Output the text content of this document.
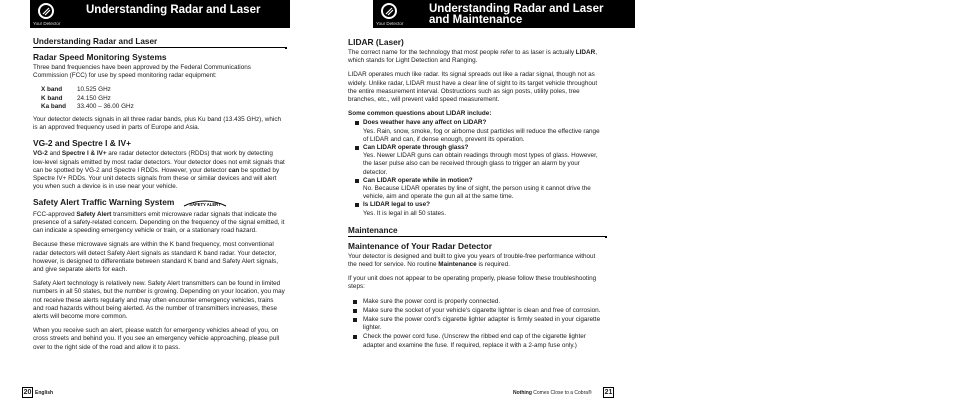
Your Detector
Understanding Radar and Laser
Understanding Radar and Laser
Radar Speed Monitoring Systems

Three band frequencies have been approved by the Federal Communications Commission (FCC) for use by speed monitoring radar equipment:

X band	10.525 GHz
K band	24.150 GHz
Ka band	33.400 – 36.00 GHz

Your detector detects signals in all three radar bands, plus Ku band (13.435 GHz), which is an approved frequency used in parts of Europe and Asia.

VG-2 and Spectre I & IV+

VG-2 and Spectre I & IV+ are radar detector detectors (RDDs) that work by detecting low-level signals emitted by most radar detectors. Your detector does not emit signals that can be spotted by VG-2 and Spectre I RDDs. However, your detector can be spotted by Spectre IV+ RDDs. Your unit detects signals from these or similar devices and will alert you when such a device is in use near your vehicle.

Safety Alert Traffic Warning System	SAFETY ALERT

FCC-approved Safety Alert transmitters emit microwave radar signals that indicate the presence of a safety-related concern. Depending on the frequency of the signal emitted, it can indicate a speeding emergency vehicle or train, or a stationary road hazard.

Because these microwave signals are within the K band frequency, most conventional radar detectors will detect Safety Alert signals as standard K band radar. Your detector, however, is designed to differentiate between standard K band and Safety Alert signals, and give separate alerts for each.

Safety Alert technology is relatively new. Safety Alert transmitters can be found in limited numbers in all 50 states, but the number is growing. Depending on your location, you may not receive these alerts regularly and may often encounter emergency vehicles, trains and road hazards without being alerted. As the number of transmitters increases, these alerts will become more common.

When you receive such an alert, please watch for emergency vehicles ahead of you, on cross streets and behind you. If you see an emergency vehicle approaching, please pull over to the right side of the road and allow it to pass.

20 English
Your Detector
Understanding Radar and Laser
and Maintenance
LIDAR (Laser)

The correct name for the technology that most people refer to as laser is actually LIDAR, which stands for Light Detection and Ranging.

LIDAR operates much like radar. Its signal spreads out like a radar signal, though not as widely. Unlike radar, LIDAR must have a clear line of sight to its target vehicle throughout the entire measurement interval. Obstructions such as sign posts, utility poles, tree branches, etc., will prevent valid speed measurement.

Some common questions about LIDAR include:
Does weather have any affect on LIDAR?
Yes. Rain, snow, smoke, fog or airborne dust particles will reduce the effective range of LIDAR and can, if dense enough, prevent its operation.
Can LIDAR operate through glass?
Yes. Newer LIDAR guns can obtain readings through most types of glass. However, the laser pulse also can be received through glass to trigger an alarm by your detector.
Can LIDAR operate while in motion?
No. Because LIDAR operates by line of sight, the person using it cannot drive the vehicle, aim and operate the gun all at the same time.
Is LIDAR legal to use?
Yes. It is legal in all 50 states.
Maintenance
Maintenance of Your Radar Detector

Your detector is designed and built to give you years of trouble-free performance without the need for service. No routine Maintenance is required.

If your unit does not appear to be operating properly, please follow these troubleshooting steps:

Make sure the power cord is properly connected.
Make sure the socket of your vehicle's cigarette lighter is clean and free of corrosion.
Make sure the power cord's cigarette lighter adapter is firmly seated in your cigarette lighter.
Check the power cord fuse. (Unscrew the ribbed end cap of the cigarette lighter adapter and examine the fuse. If required, replace it with a 2-amp fuse only.)
Nothing Comes Close to a Cobra® 21
